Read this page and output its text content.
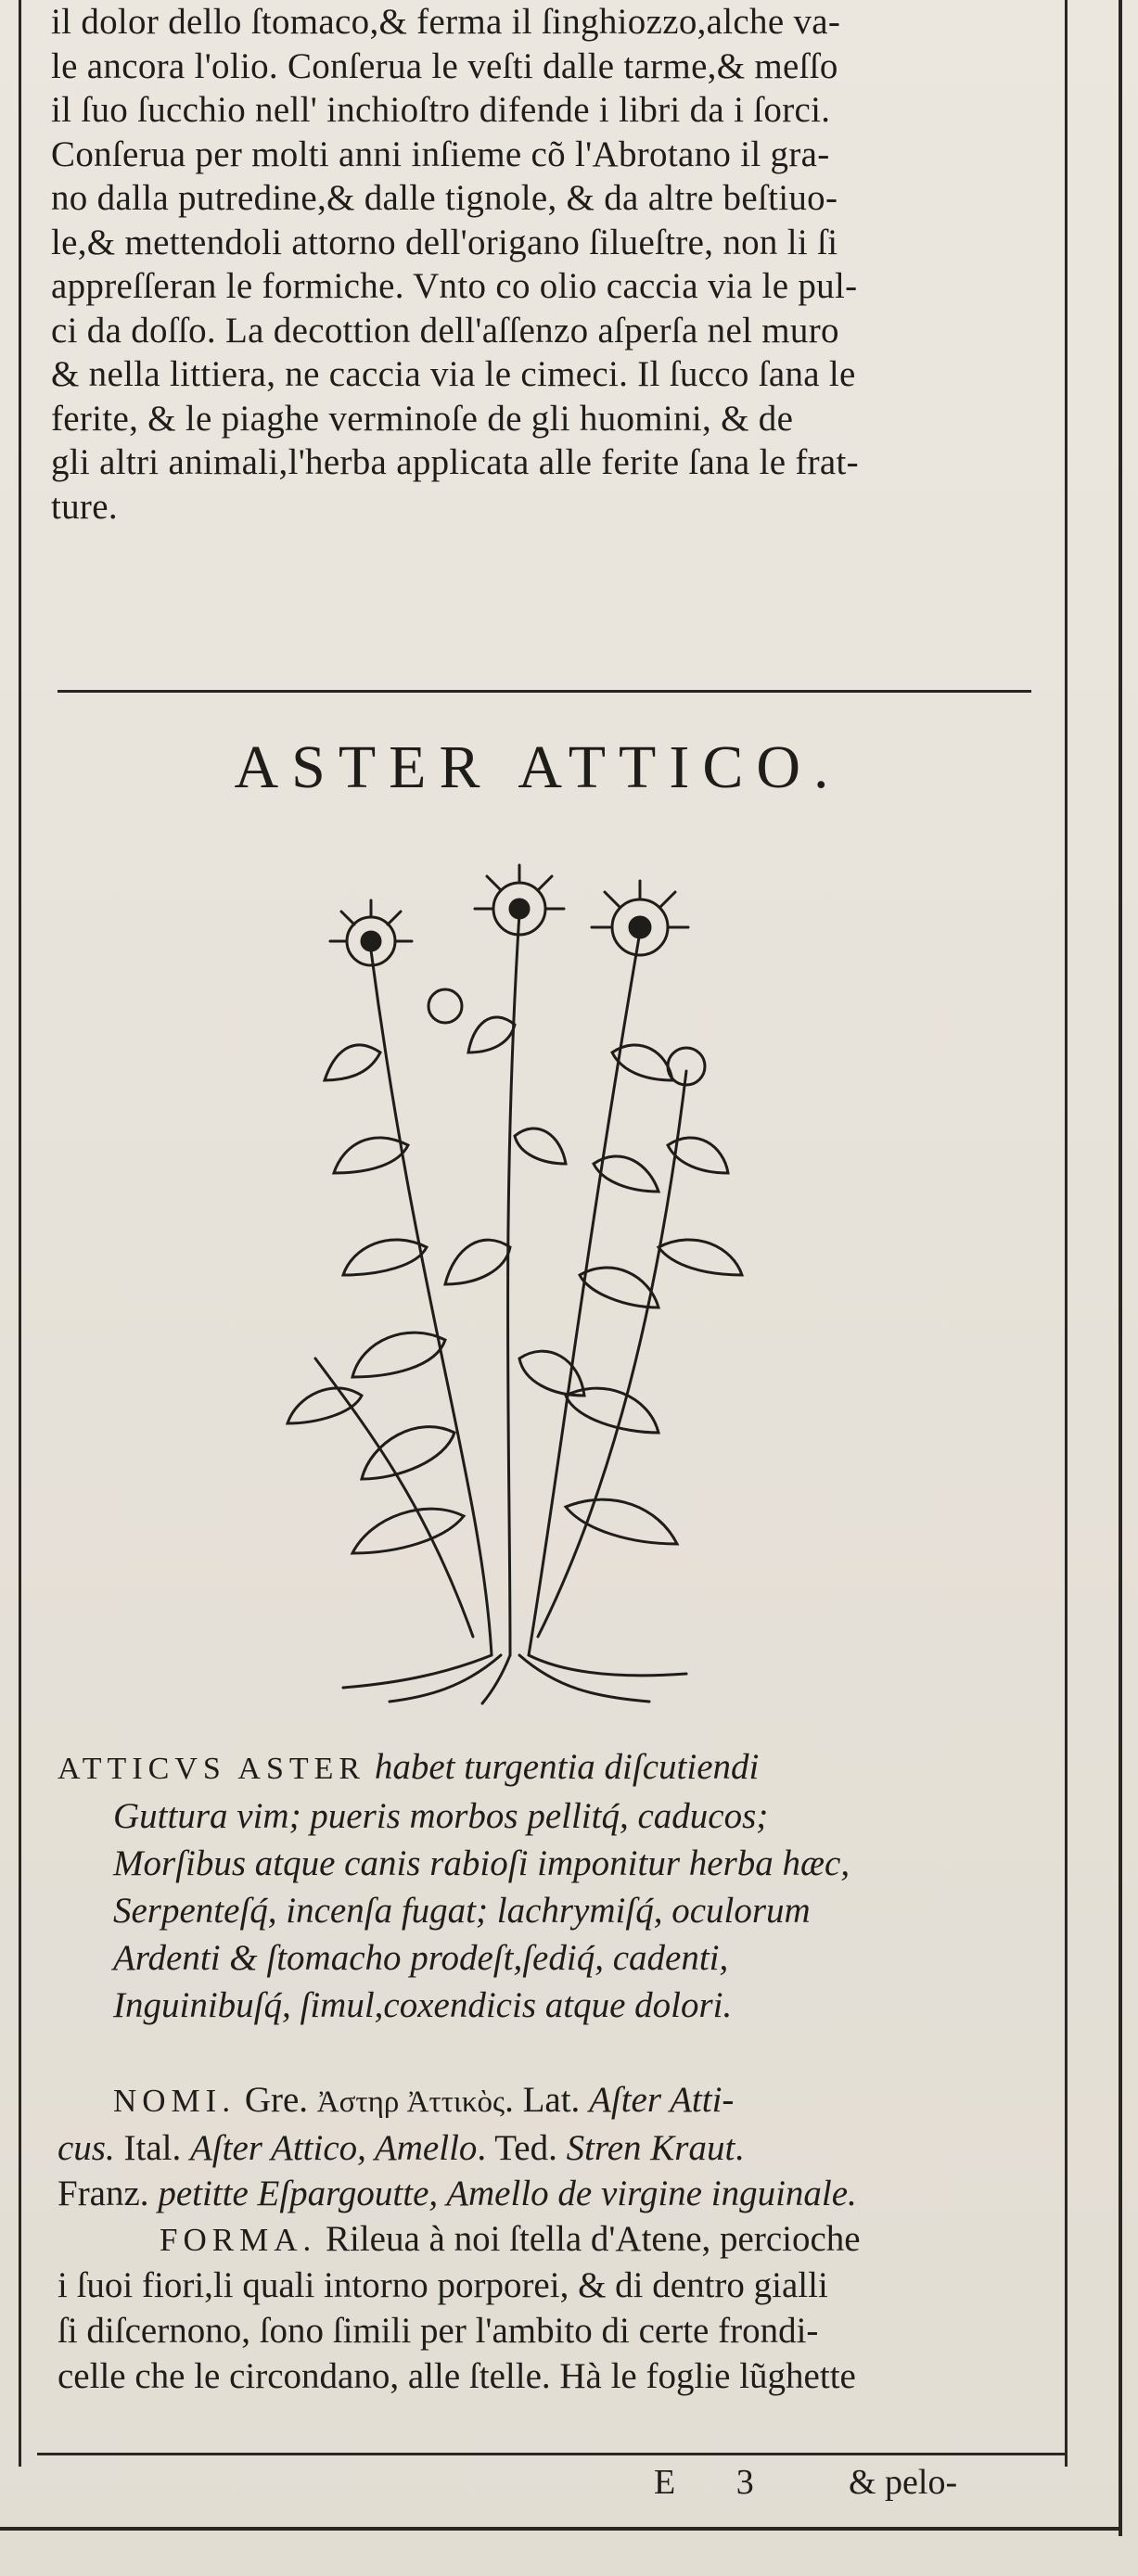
il dolor dello ſtomaco,& ferma il ſinghiozzo,alche va-

le ancora l'olio. Conſerua le veſti dalle tarme,& meſſo

il ſuo ſucchio nell' inchioſtro difende i libri da i ſorci.

Conſerua per molti anni inſieme cõ l'Abrotano il gra-

no dalla putredine,& dalle tignole, & da altre beſtiuo-

le,& mettendoli attorno dell'origano ſilueſtre, non li ſi

appreſſeran le formiche. Vnto co olio caccia via le pul-

ci da doſſo. La decottion dell'aſſenzo aſperſa nel muro

& nella littiera, ne caccia via le cimeci. Il ſucco ſana le

ferite, & le piaghe verminoſe de gli huomini, & de

gli altri animali,l'herba applicata alle ferite ſana le frat-

ture.

ASTER ATTICO.
ATTICVS ASTER habet turgentia diſcutiendi
Guttura vim; pueris morbos pellitq́, caducos;
Morſibus atque canis rabioſi imponitur herba hæc,
Serpenteſq́, incenſa fugat; lachrymiſq́, oculorum
Ardenti & ſtomacho prodeſt,ſediq́, cadenti,
Inguinibuſq́, ſimul,coxendicis atque dolori.
NOMI. Gre. Ἀστηρ Ἀττικὸς. Lat. Aſter Atti-
cus. Ital. Aſter Attico, Amello. Ted. Stren Kraut.
Franz. petitte Eſpargoutte, Amello de virgine inguinale.
FORMA. Rileua à noi ſtella d'Atene, percioche
i ſuoi fiori,li quali intorno porporei, & di dentro gialli
ſi diſcernono, ſono ſimili per l'ambito di certe frondi-
celle che le circondano, alle ſtelle. Hà le foglie lũghette
E 3 & pelo-
